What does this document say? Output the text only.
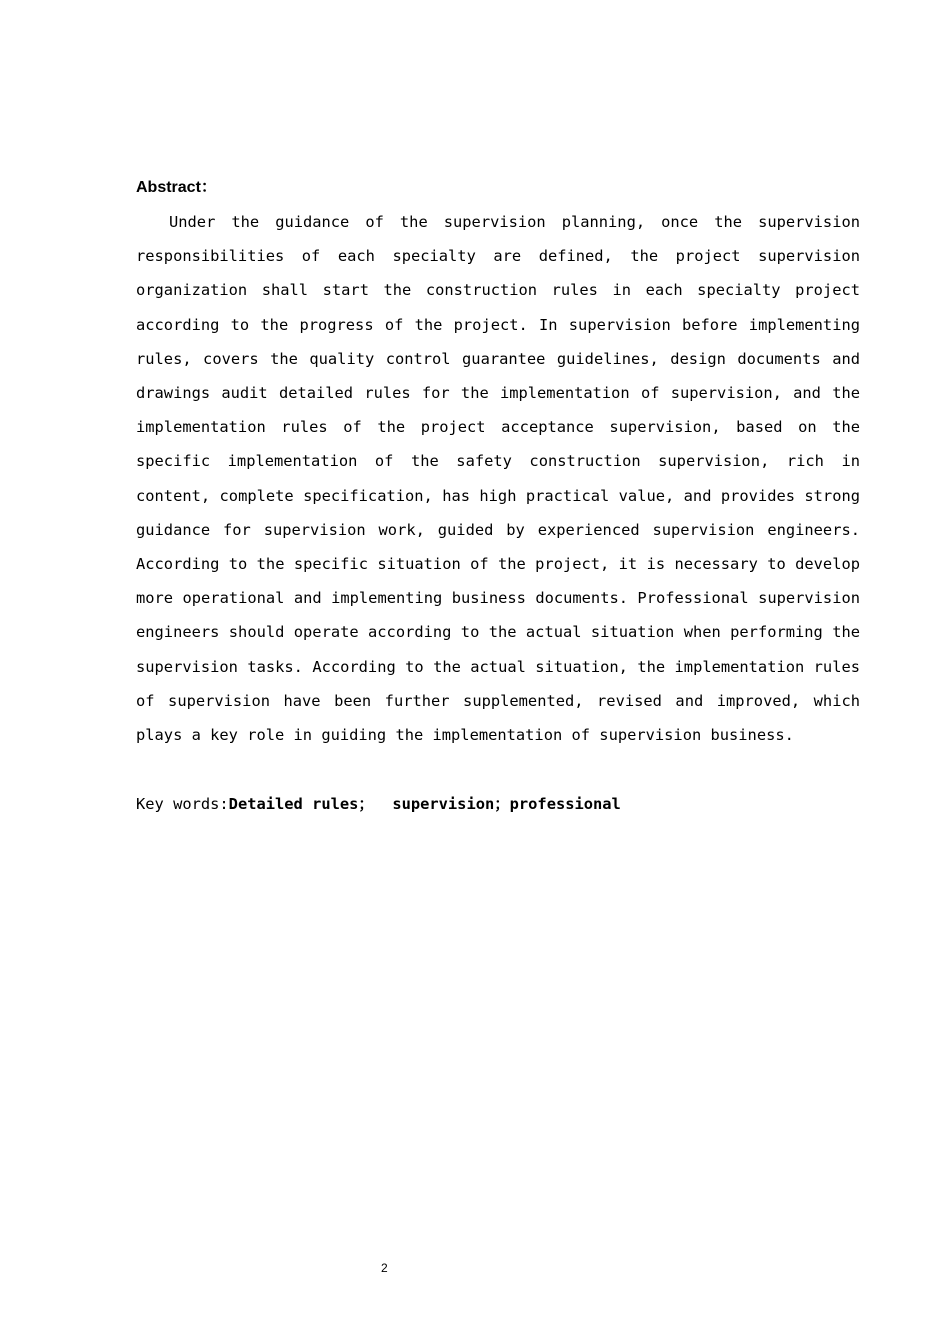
Abstract：

Under the guidance of the supervision planning, once the supervision responsibilities of each specialty are defined, the project supervision organization shall start the construction rules in each specialty project according to the progress of the project. In supervision before implementing rules, covers the quality control guarantee guidelines, design documents and drawings audit detailed rules for the implementation of supervision, and the implementation rules of the project acceptance supervision, based on the specific implementation of the safety construction supervision, rich in content, complete specification, has high practical value, and provides strong guidance for supervision work, guided by experienced supervision engineers. According to the specific situation of the project, it is necessary to develop more operational and implementing business documents. Professional supervision engineers should operate according to the actual situation when performing the supervision tasks. According to the actual situation, the implementation rules of supervision have been further supplemented, revised and improved, which plays a key role in guiding the implementation of supervision business.

Key words:Detailed rules；  supervision；professional

2
